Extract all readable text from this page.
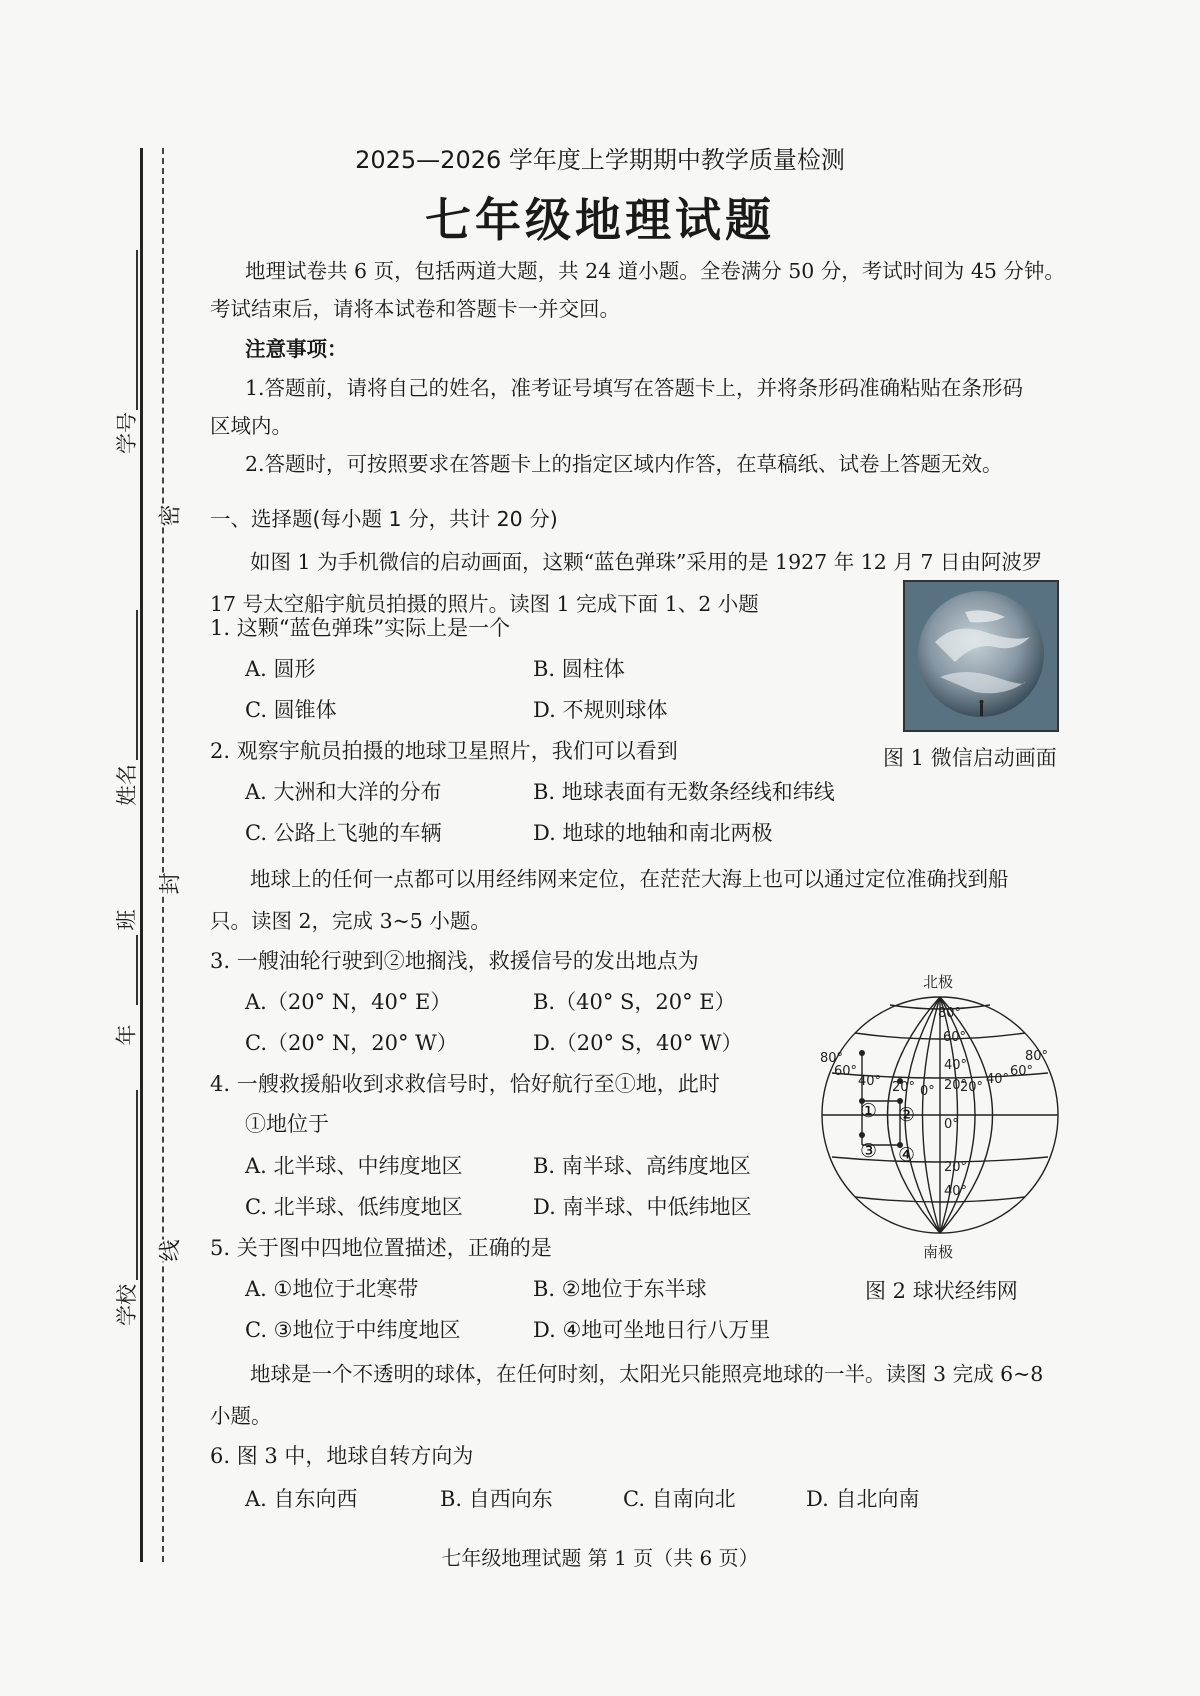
学号
姓名
班
年
学校
密
封
线
2025—2026 学年度上学期期中教学质量检测
七年级地理试题
地理试卷共 6 页，包括两道大题，共 24 道小题。全卷满分 50 分，考试时间为 45 分钟。
考试结束后，请将本试卷和答题卡一并交回。
注意事项：
1.答题前，请将自己的姓名，准考证号填写在答题卡上，并将条形码准确粘贴在条形码
区域内。
2.答题时，可按照要求在答题卡上的指定区域内作答，在草稿纸、试卷上答题无效。
一、选择题(每小题 1 分，共计 20 分)
如图 1 为手机微信的启动画面，这颗“蓝色弹珠”采用的是 1927 年 12 月 7 日由阿波罗
17 号太空船宇航员拍摄的照片。读图 1 完成下面 1、2 小题
图 1 微信启动画面
1. 这颗“蓝色弹珠”实际上是一个
A. 圆形	B. 圆柱体
C. 圆锥体	D. 不规则球体
2. 观察宇航员拍摄的地球卫星照片，我们可以看到
A. 大洲和大洋的分布	B. 地球表面有无数条经线和纬线
C. 公路上飞驰的车辆	D. 地球的地轴和南北两极
地球上的任何一点都可以用经纬网来定位，在茫茫大海上也可以通过定位准确找到船
只。读图 2，完成 3~5 小题。
3. 一艘油轮行驶到②地搁浅，救援信号的发出地点为
A.（20° N，40° E）	B.（40° S，20° E）
C.（20° N，20° W）	D.（20° S，40° W）
4. 一艘救援船收到求救信号时，恰好航行至①地，此时
①地位于
A. 北半球、中纬度地区	B. 南半球、高纬度地区
C. 北半球、低纬度地区	D. 南半球、中低纬地区
5. 关于图中四地位置描述，正确的是
A. ①地位于北寒带	B. ②地位于东半球
C. ③地位于中纬度地区	D. ④地可坐地日行八万里
① ②
③ ④
北极
南极
80°
60°
40°
20°
0°
20°
40°
80°
60°
40° 20° 0° 20°
40°
60°
80°
图 2 球状经纬网
地球是一个不透明的球体，在任何时刻，太阳光只能照亮地球的一半。读图 3 完成 6~8
小题。
6. 图 3 中，地球自转方向为
A. 自东向西	B. 自西向东	C. 自南向北	D. 自北向南
七年级地理试题 第 1 页（共 6 页）
